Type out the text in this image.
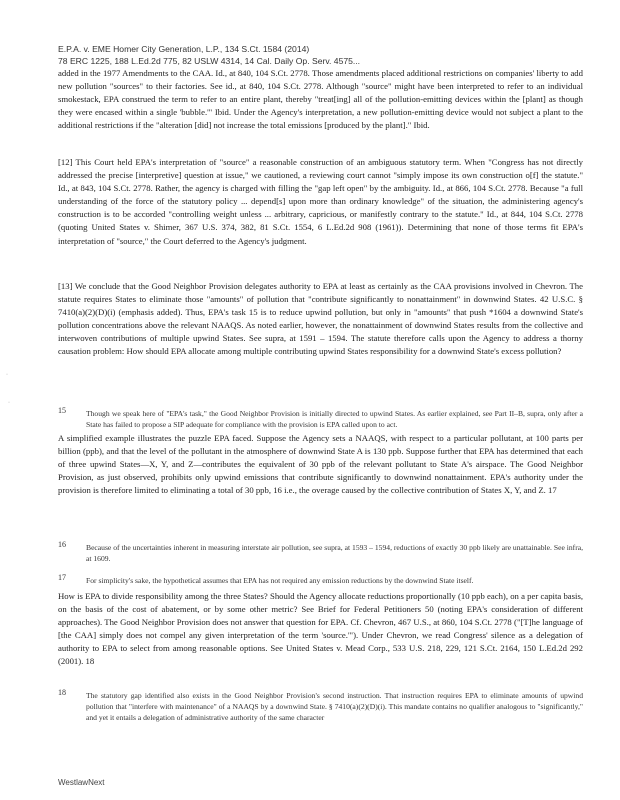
E.P.A. v. EME Homer City Generation, L.P., 134 S.Ct. 1584 (2014)
78 ERC 1225, 188 L.Ed.2d 775, 82 USLW 4314, 14 Cal. Daily Op. Serv. 4575...

added in the 1977 Amendments to the CAA. Id., at 840, 104 S.Ct. 2778. Those amendments placed additional restrictions on companies' liberty to add new pollution "sources" to their factories. See id., at 840, 104 S.Ct. 2778. Although "source" might have been interpreted to refer to an individual smokestack, EPA construed the term to refer to an entire plant, thereby "treat[ing] all of the pollution-emitting devices within the [plant] as though they were encased within a single 'bubble.'" Ibid. Under the Agency's interpretation, a new pollution-emitting device would not subject a plant to the additional restrictions if the "alteration [did] not increase the total emissions [produced by the plant]." Ibid.

·
·

[12] This Court held EPA's interpretation of "source" a reasonable construction of an ambiguous statutory term. When "Congress has not directly addressed the precise [interpretive] question at issue," we cautioned, a reviewing court cannot "simply impose its own construction o[f] the statute." Id., at 843, 104 S.Ct. 2778. Rather, the agency is charged with filling the "gap left open" by the ambiguity. Id., at 866, 104 S.Ct. 2778. Because "a full understanding of the force of the statutory policy ... depend[s] upon more than ordinary knowledge" of the situation, the administering agency's construction is to be accorded "controlling weight unless ... arbitrary, capricious, or manifestly contrary to the statute." Id., at 844, 104 S.Ct. 2778 (quoting United States v. Shimer, 367 U.S. 374, 382, 81 S.Ct. 1554, 6 L.Ed.2d 908 (1961)). Determining that none of those terms fit EPA's interpretation of "source," the Court deferred to the Agency's judgment.

[13] We conclude that the Good Neighbor Provision delegates authority to EPA at least as certainly as the CAA provisions involved in Chevron. The statute requires States to eliminate those "amounts" of pollution that "contribute significantly to nonattainment" in downwind States. 42 U.S.C. § 7410(a)(2)(D)(i) (emphasis added). Thus, EPA's task 15 is to reduce upwind pollution, but only in "amounts" that push *1604 a downwind State's pollution concentrations above the relevant NAAQS. As noted earlier, however, the nonattainment of downwind States results from the collective and interwoven contributions of multiple upwind States. See supra, at 1591 – 1594. The statute therefore calls upon the Agency to address a thorny causation problem: How should EPA allocate among multiple contributing upwind States responsibility for a downwind State's excess pollution?

15	Though we speak here of "EPA's task," the Good Neighbor Provision is initially directed to upwind States. As earlier explained, see Part II–B, supra, only after a State has failed to propose a SIP adequate for compliance with the provision is EPA called upon to act.

A simplified example illustrates the puzzle EPA faced. Suppose the Agency sets a NAAQS, with respect to a particular pollutant, at 100 parts per billion (ppb), and that the level of the pollutant in the atmosphere of downwind State A is 130 ppb. Suppose further that EPA has determined that each of three upwind States—X, Y, and Z—contributes the equivalent of 30 ppb of the relevant pollutant to State A's airspace. The Good Neighbor Provision, as just observed, prohibits only upwind emissions that contribute significantly to downwind nonattainment. EPA's authority under the provision is therefore limited to eliminating a total of 30 ppb, 16 i.e., the overage caused by the collective contribution of States X, Y, and Z. 17

16	Because of the uncertainties inherent in measuring interstate air pollution, see supra, at 1593 – 1594, reductions of exactly 30 ppb likely are unattainable. See infra, at 1609.

17	For simplicity's sake, the hypothetical assumes that EPA has not required any emission reductions by the downwind State itself.

How is EPA to divide responsibility among the three States? Should the Agency allocate reductions proportionally (10 ppb each), on a per capita basis, on the basis of the cost of abatement, or by some other metric? See Brief for Federal Petitioners 50 (noting EPA's consideration of different approaches). The Good Neighbor Provision does not answer that question for EPA. Cf. Chevron, 467 U.S., at 860, 104 S.Ct. 2778 ("[T]he language of [the CAA] simply does not compel any given interpretation of the term 'source.'"). Under Chevron, we read Congress' silence as a delegation of authority to EPA to select from among reasonable options. See United States v. Mead Corp., 533 U.S. 218, 229, 121 S.Ct. 2164, 150 L.Ed.2d 292 (2001). 18

18	The statutory gap identified also exists in the Good Neighbor Provision's second instruction. That instruction requires EPA to eliminate amounts of upwind pollution that "interfere with maintenance" of a NAAQS by a downwind State. § 7410(a)(2)(D)(i). This mandate contains no qualifier analogous to "significantly," and yet it entails a delegation of administrative authority of the same character

WestlawNext
